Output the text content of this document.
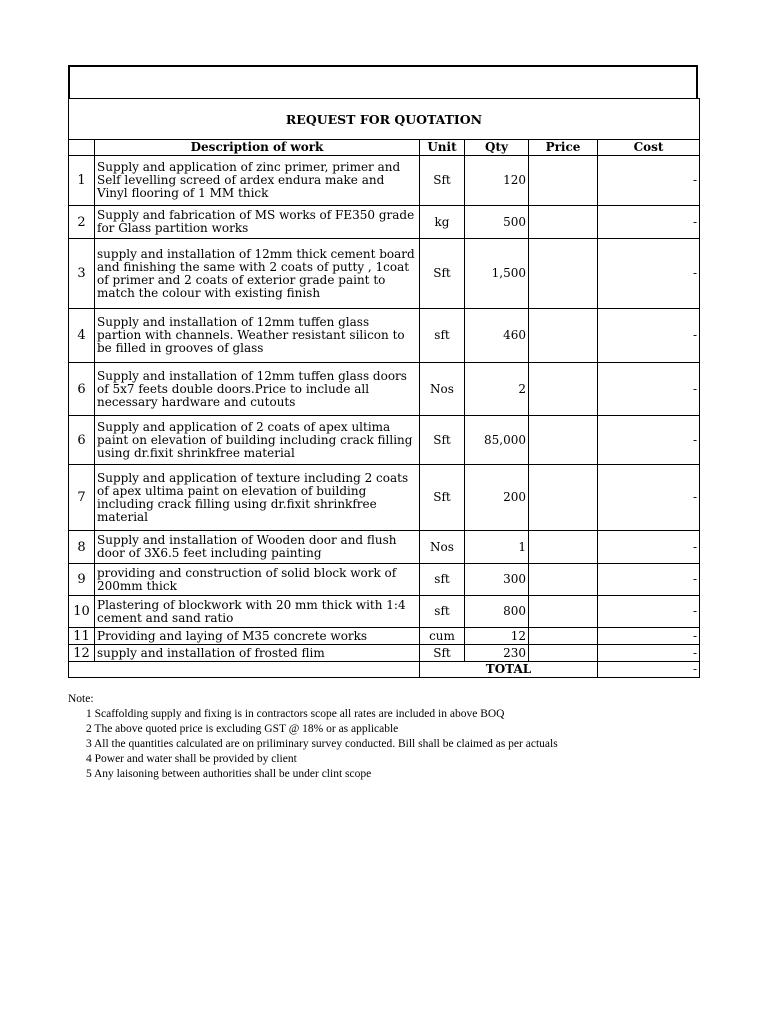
REQUEST FOR QUOTATION					
	Description of work	Unit	Qty	Price	Cost
1	Supply and application of zinc primer, primer and Self levelling screed of ardex endura make and Vinyl flooring of 1 MM thick	Sft	120		-
2	Supply and fabrication of MS works of FE350 grade for Glass partition works	kg	500		-
3	supply and installation of 12mm thick cement board and finishing the same with 2 coats of putty , 1coat of primer and 2 coats of exterior grade paint to match the colour with existing finish	Sft	1,500		-
4	Supply and installation of 12mm tuffen glass partion with channels. Weather resistant silicon to be filled in grooves of glass	sft	460		-
6	Supply and installation of 12mm tuffen glass doors of 5x7 feets double doors.Price to include all necessary hardware and cutouts	Nos	2		-
6	Supply and application of 2 coats of apex ultima paint on elevation of building including crack filling using dr.fixit shrinkfree material	Sft	85,000		-
7	Supply and application of texture including 2 coats of apex ultima paint on elevation of building including crack filling using dr.fixit shrinkfree material	Sft	200		-
8	Supply and installation of Wooden door and flush door of 3X6.5 feet including painting	Nos	1		-
9	providing and construction of solid block work of 200mm thick	sft	300		-
10	Plastering of blockwork with 20 mm thick with 1:4 cement and sand ratio	sft	800		-
11	Providing and laying of M35 concrete works	cum	12		-
12	supply and installation of frosted flim	Sft	230		-
		TOTAL			-
Note:
1 Scaffolding supply and fixing is in contractors scope all rates are included in above BOQ
2 The above quoted price is excluding GST @ 18% or as applicable
3 All the quantities calculated are on priliminary survey conducted. Bill shall be claimed as per actuals
4 Power and water shall be provided by client
5 Any laisoning between authorities shall be under clint scope
